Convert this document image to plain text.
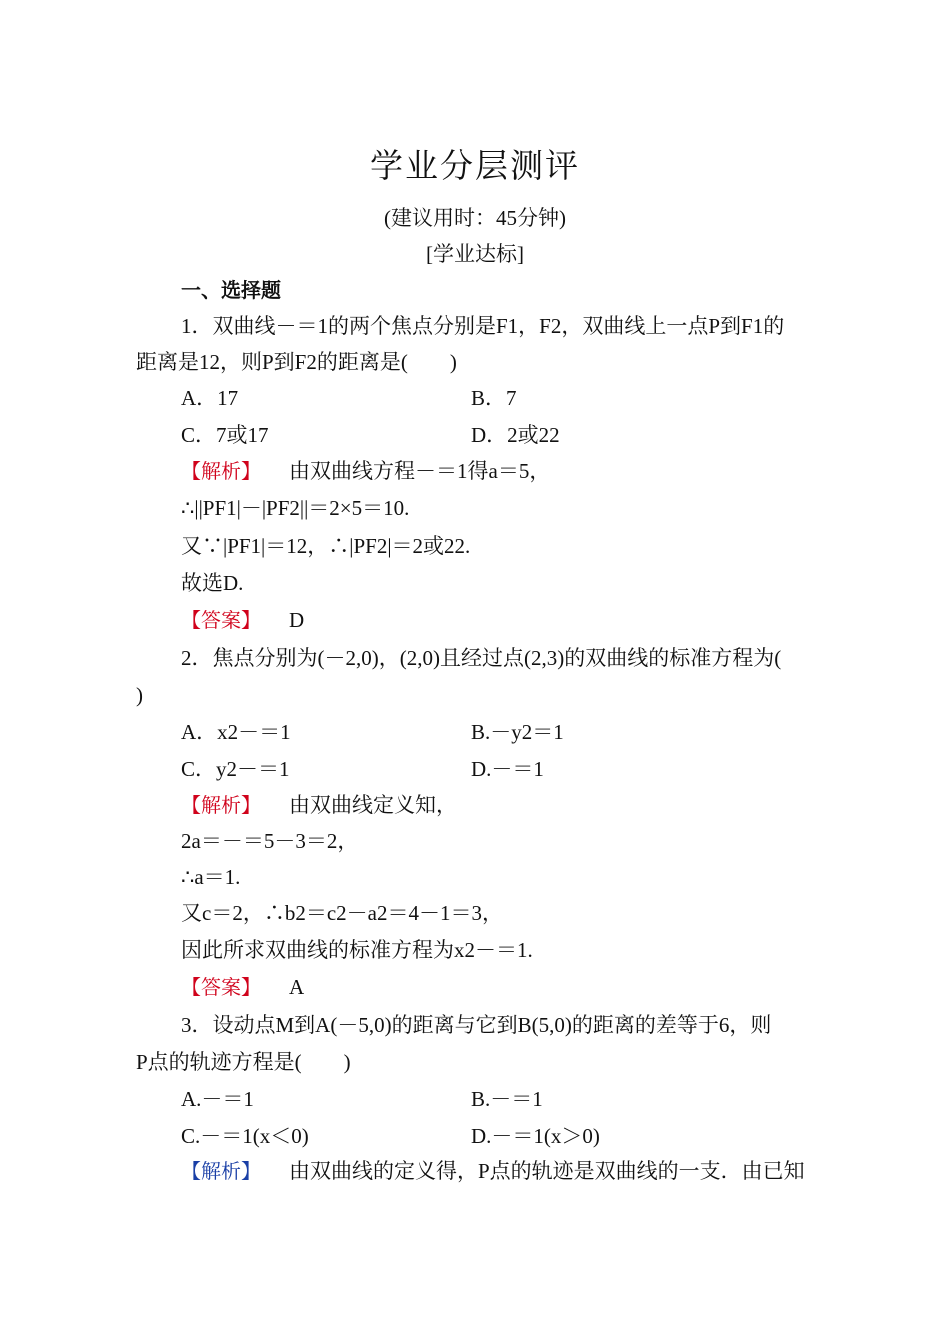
学业分层测评
(建议用时：45分钟)
[学业达标]
一、选择题
1．双曲线－＝1的两个焦点分别是F1，F2，双曲线上一点P到F1的
距离是12，则P到F2的距离是(　　)
A．17	B．7
C．7或17	D．2或22
【解析】 由双曲线方程－＝1得a＝5，
∴||PF1|－|PF2||＝2×5＝10.
又∵|PF1|＝12，∴|PF2|＝2或22.
故选D.
【答案】 D
2．焦点分别为(－2,0)，(2,0)且经过点(2,3)的双曲线的标准方程为(
)
A．x2－＝1	B.－y2＝1
C．y2－＝1	D.－＝1
【解析】 由双曲线定义知，
2a＝－＝5－3＝2，
∴a＝1.
又c＝2，∴b2＝c2－a2＝4－1＝3，
因此所求双曲线的标准方程为x2－＝1.
【答案】 A
3．设动点M到A(－5,0)的距离与它到B(5,0)的距离的差等于6，则
P点的轨迹方程是(　　)
A.－＝1	B.－＝1
C.－＝1(x＜0)	D.－＝1(x＞0)
【解析】 由双曲线的定义得，P点的轨迹是双曲线的一支．由已知
